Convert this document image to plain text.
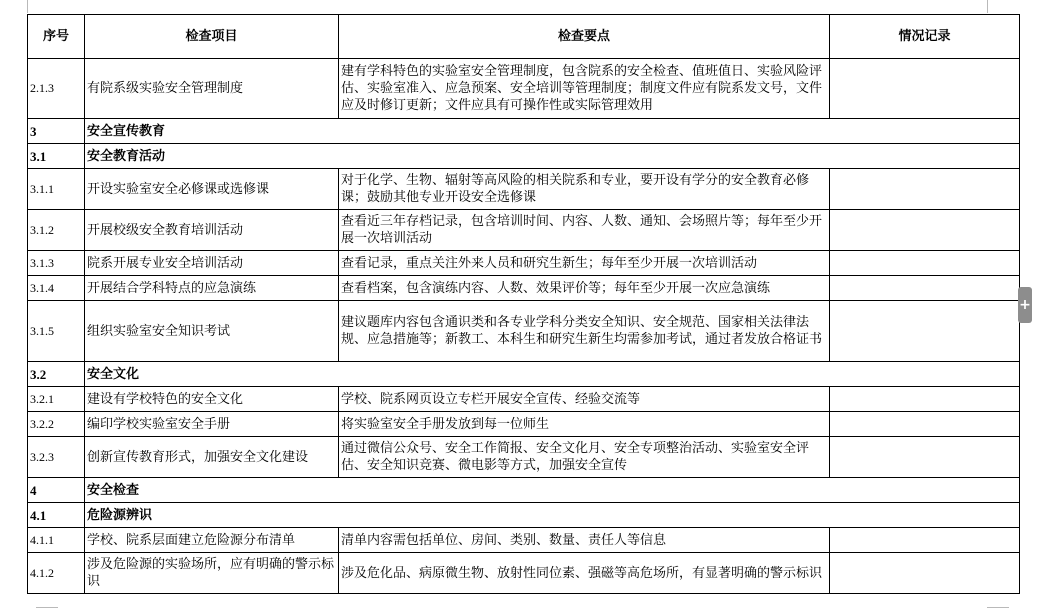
序号	检查项目	检查要点	情况记录
2.1.3	有院系级实验安全管理制度	建有学科特色的实验室安全管理制度，包含院系的安全检查、值班值日、实验风险评估、实验室准入、应急预案、安全培训等管理制度；制度文件应有院系发文号，文件应及时修订更新；文件应具有可操作性或实际管理效用	
3	安全宣传教育		
3.1	安全教育活动		
3.1.1	开设实验室安全必修课或选修课	对于化学、生物、辐射等高风险的相关院系和专业，要开设有学分的安全教育必修课；鼓励其他专业开设安全选修课	
3.1.2	开展校级安全教育培训活动	查看近三年存档记录，包含培训时间、内容、人数、通知、会场照片等；每年至少开展一次培训活动	
3.1.3	院系开展专业安全培训活动	查看记录，重点关注外来人员和研究生新生；每年至少开展一次培训活动	
3.1.4	开展结合学科特点的应急演练	查看档案，包含演练内容、人数、效果评价等；每年至少开展一次应急演练	
3.1.5	组织实验室安全知识考试	建议题库内容包含通识类和各专业学科分类安全知识、安全规范、国家相关法律法规、应急措施等；新教工、本科生和研究生新生均需参加考试，通过者发放合格证书	
3.2	安全文化		
3.2.1	建设有学校特色的安全文化	学校、院系网页设立专栏开展安全宣传、经验交流等	
3.2.2	编印学校实验室安全手册	将实验室安全手册发放到每一位师生	
3.2.3	创新宣传教育形式，加强安全文化建设	通过微信公众号、安全工作简报、安全文化月、安全专项整治活动、实验室安全评估、安全知识竞赛、微电影等方式，加强安全宣传	
4	安全检查		
4.1	危险源辨识		
4.1.1	学校、院系层面建立危险源分布清单	清单内容需包括单位、房间、类别、数量、责任人等信息	
4.1.2	涉及危险源的实验场所，应有明确的警示标识	涉及危化品、病原微生物、放射性同位素、强磁等高危场所，有显著明确的警示标识	
+
